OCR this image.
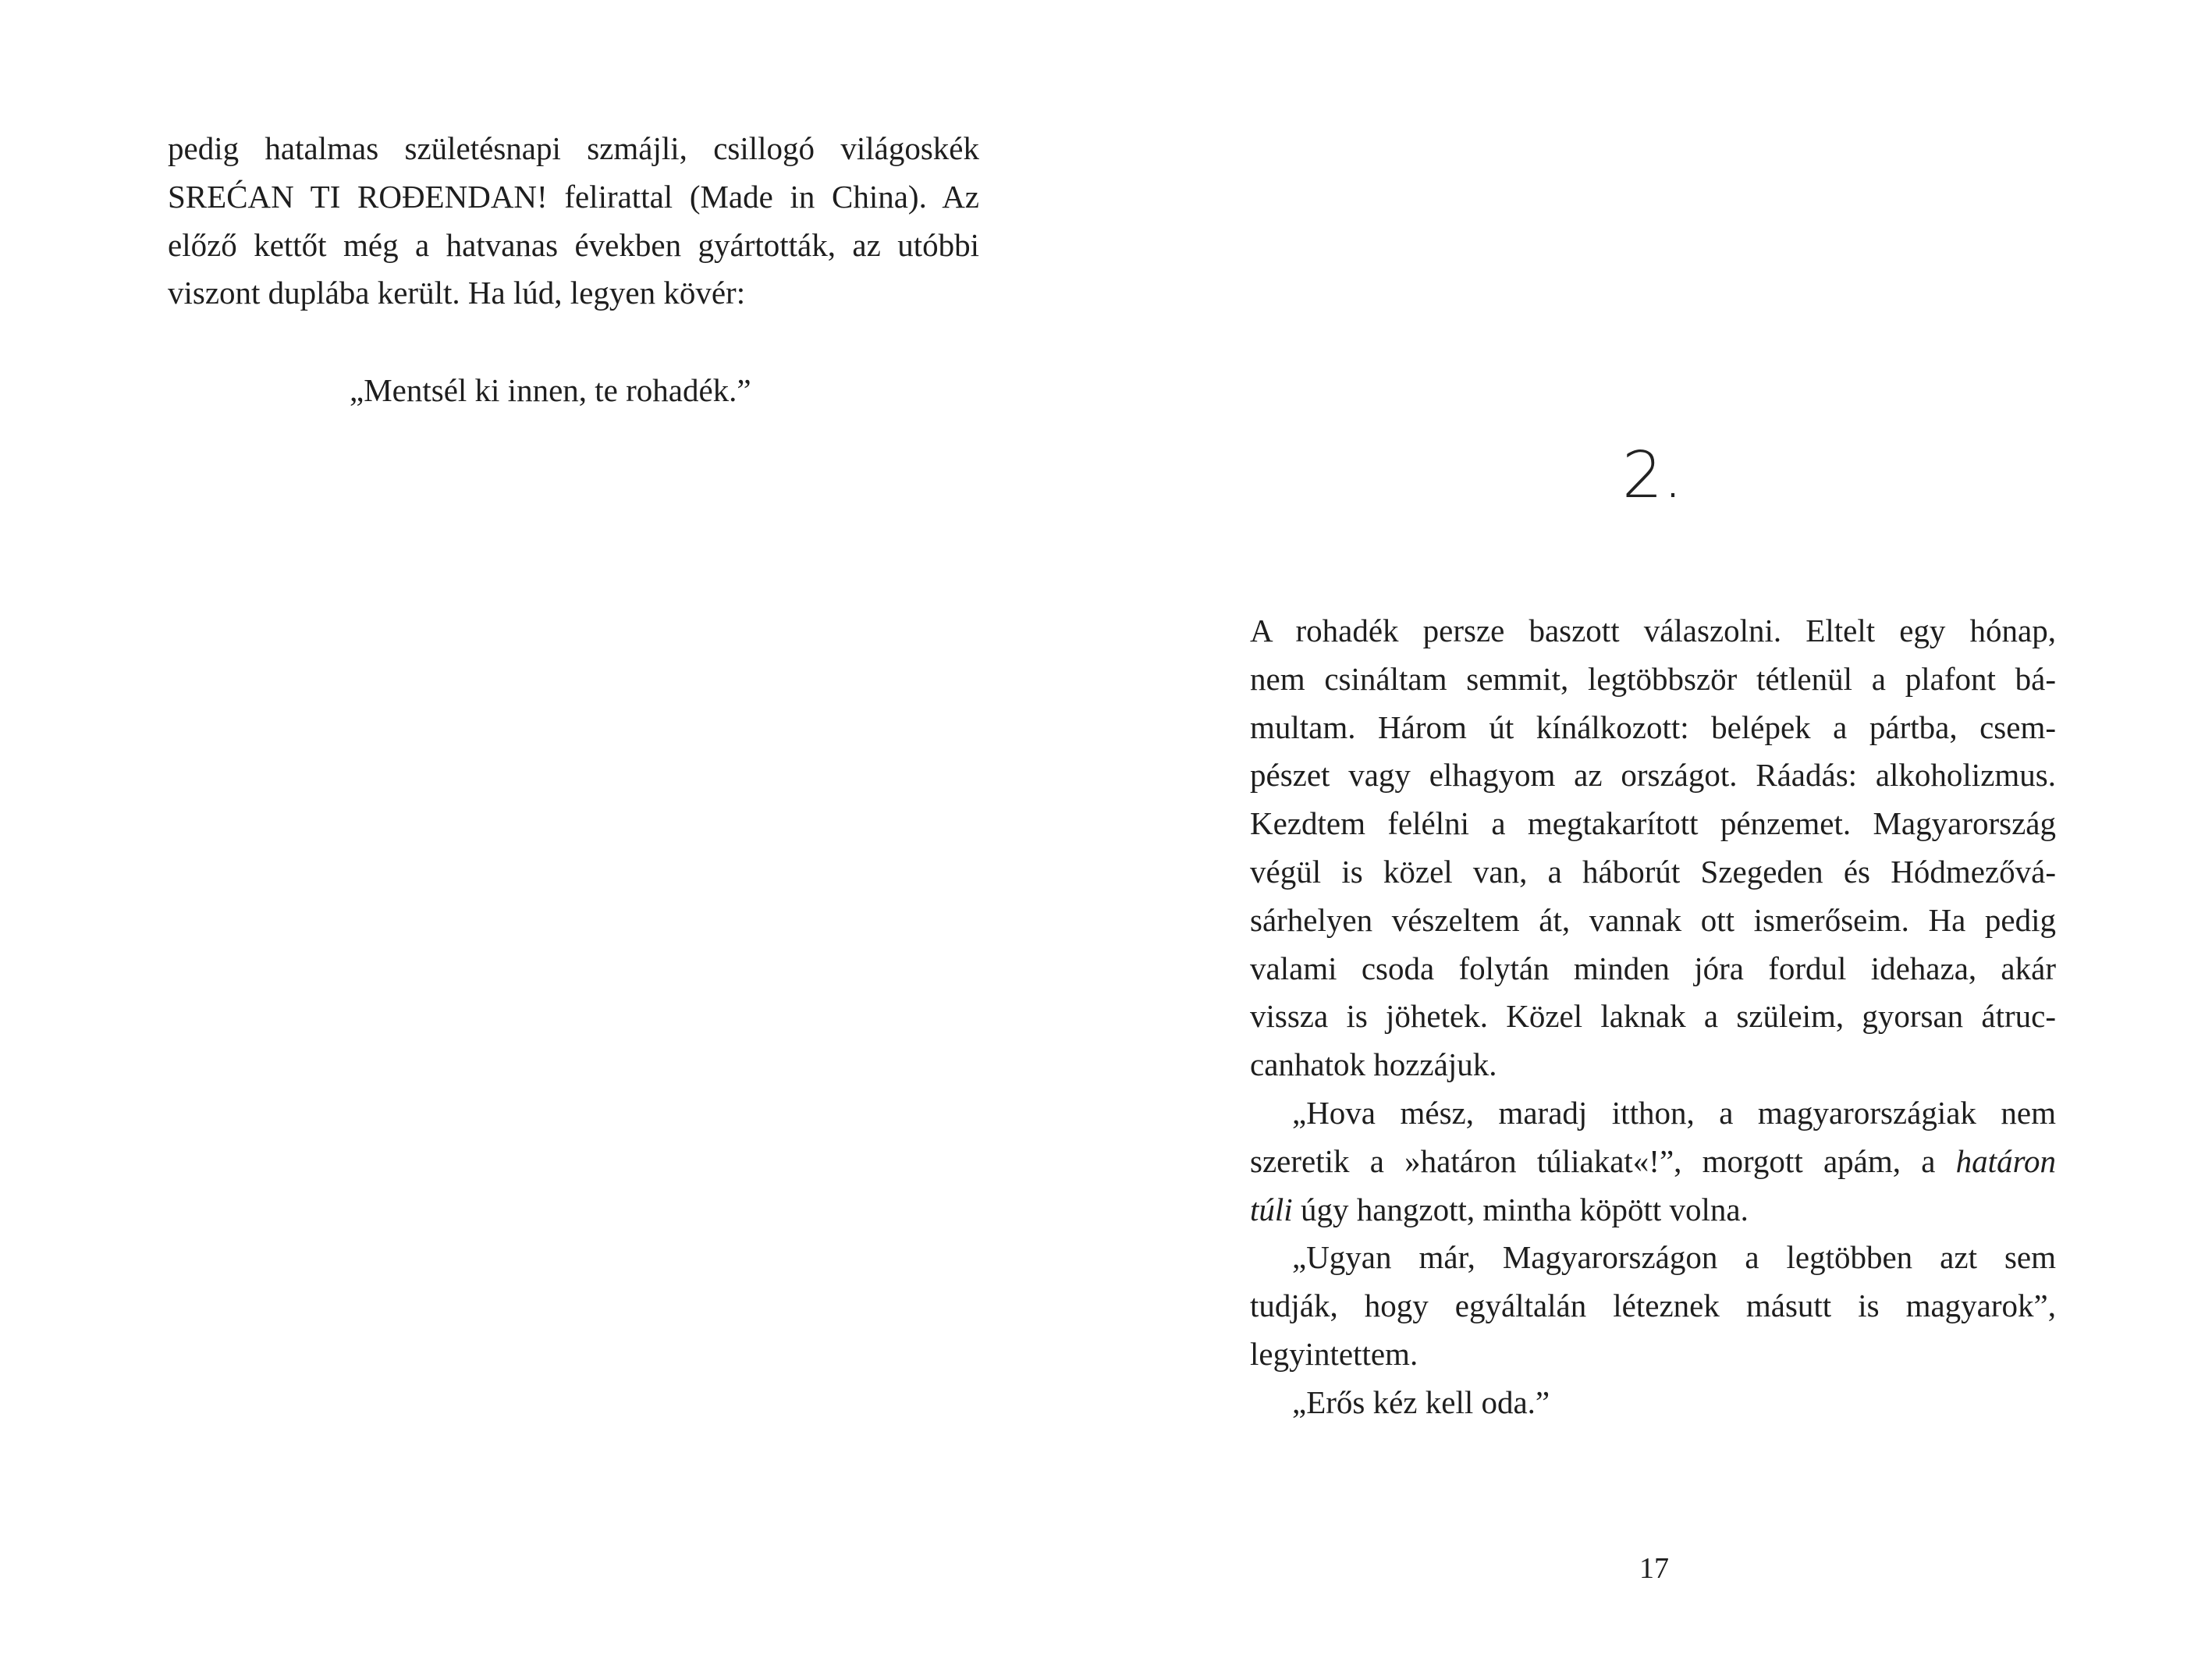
pedig hatalmas születésnapi szmájli, csillogó világoskék
SREĆAN TI ROĐENDAN! felirattal (Made in China). Az
előző kettőt még a hatvanas években gyártották, az utóbbi
viszont duplába került. Ha lúd, legyen kövér:
„Mentsél ki innen, te rohadék.”
2.
A rohadék persze baszott válaszolni. Eltelt egy hónap,
nem csináltam semmit, legtöbbször tétlenül a plafont bá-
multam. Három út kínálkozott: belépek a pártba, csem-
pészet vagy elhagyom az országot. Ráadás: alkoholizmus.
Kezdtem felélni a megtakarított pénzemet. Magyarország
végül is közel van, a háborút Szegeden és Hódmezővá-
sárhelyen vészeltem át, vannak ott ismerőseim. Ha pedig
valami csoda folytán minden jóra fordul idehaza, akár
vissza is jöhetek. Közel laknak a szüleim, gyorsan átruc-
canhatok hozzájuk.
„Hova mész, maradj itthon, a magyarországiak nem
szeretik a »határon túliakat«!”, morgott apám, a határon
túli úgy hangzott, mintha köpött volna.
„Ugyan már, Magyarországon a legtöbben azt sem
tudják, hogy egyáltalán léteznek másutt is magyarok”,
legyintettem.
„Erős kéz kell oda.”
17
